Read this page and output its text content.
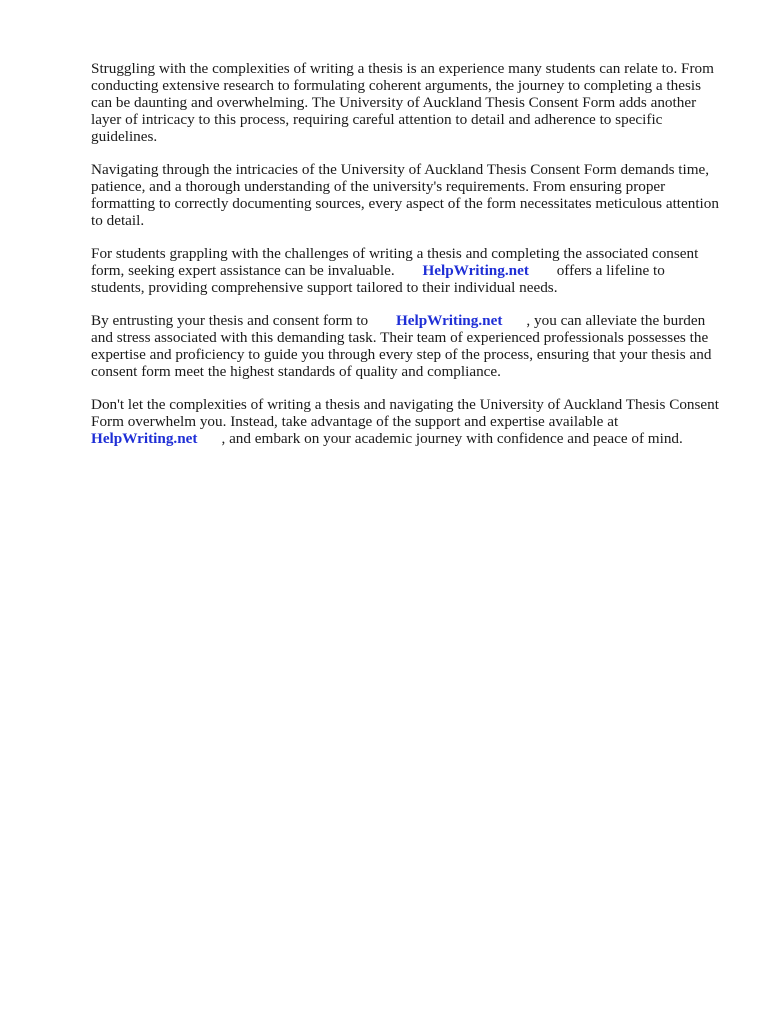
Struggling with the complexities of writing a thesis is an experience many students can relate to. From conducting extensive research to formulating coherent arguments, the journey to completing a thesis can be daunting and overwhelming. The University of Auckland Thesis Consent Form adds another layer of intricacy to this process, requiring careful attention to detail and adherence to specific guidelines.

Navigating through the intricacies of the University of Auckland Thesis Consent Form demands time, patience, and a thorough understanding of the university's requirements. From ensuring proper formatting to correctly documenting sources, every aspect of the form necessitates meticulous attention to detail.

For students grappling with the challenges of writing a thesis and completing the associated consent form, seeking expert assistance can be invaluable. HelpWriting.net offers a lifeline to students, providing comprehensive support tailored to their individual needs.

By entrusting your thesis and consent form to HelpWriting.net , you can alleviate the burden and stress associated with this demanding task. Their team of experienced professionals possesses the expertise and proficiency to guide you through every step of the process, ensuring that your thesis and consent form meet the highest standards of quality and compliance.

Don't let the complexities of writing a thesis and navigating the University of Auckland Thesis Consent Form overwhelm you. Instead, take advantage of the support and expertise available at HelpWriting.net , and embark on your academic journey with confidence and peace of mind.
